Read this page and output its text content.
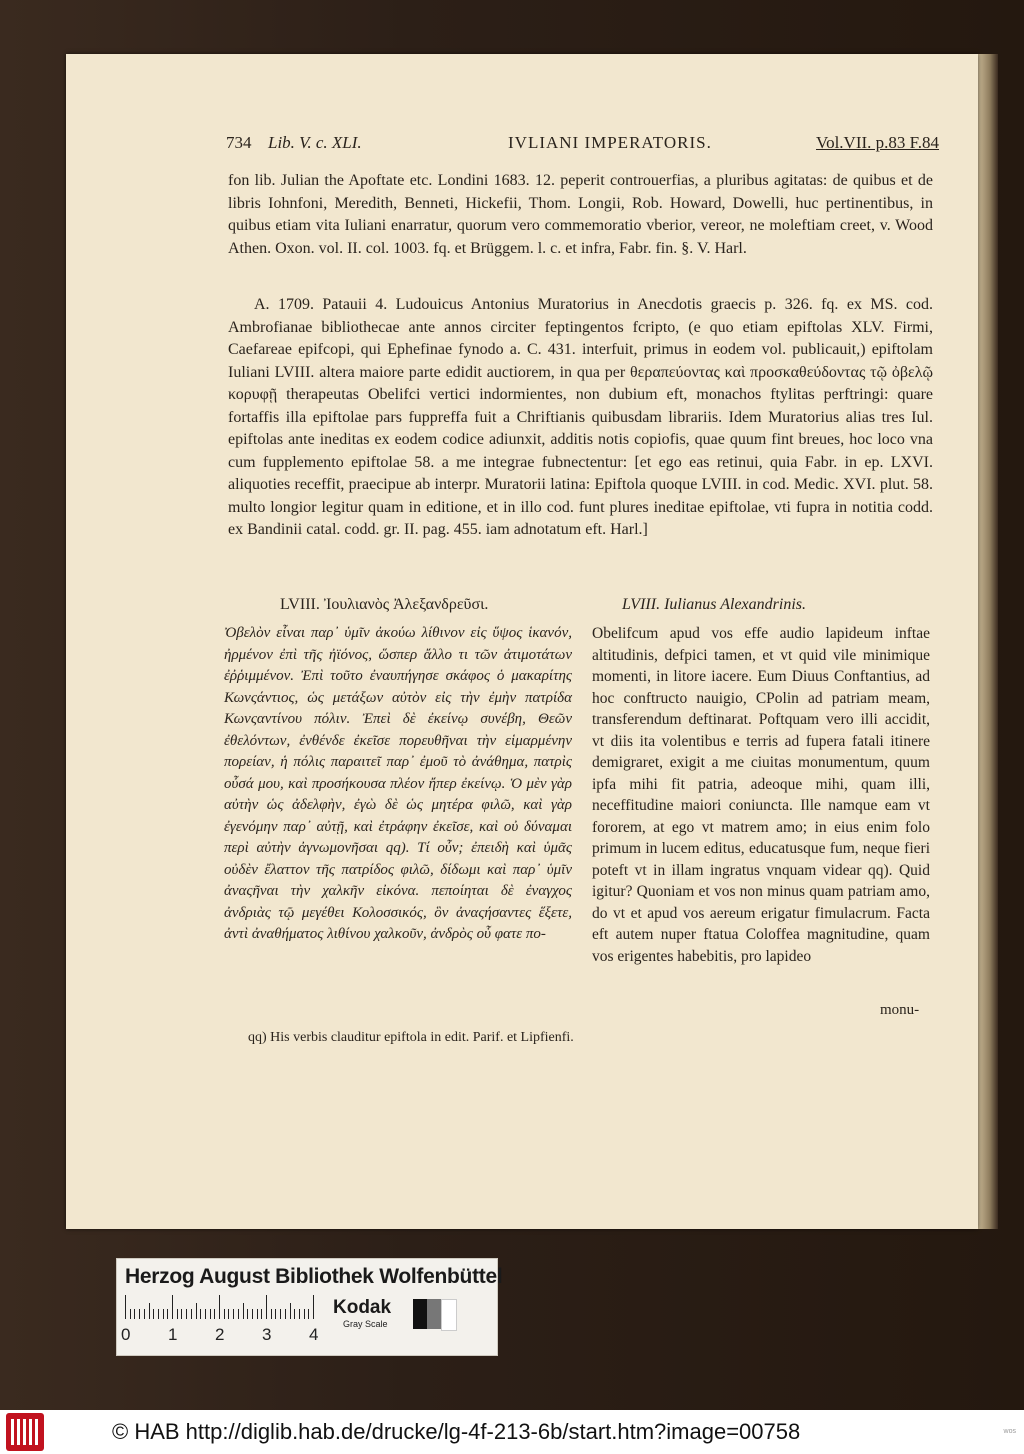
734 Lib. V. c. XLI.	IVLIANI IMPERATORIS.	Vol.VII. p.83 F.84
fon lib. Julian the Apoftate etc. Londini 1683. 12. peperit controuerfias, a pluribus agitatas: de quibus et de libris Iohnfoni, Meredith, Benneti, Hickefii, Thom. Longii, Rob. Howard, Dowelli, huc pertinentibus, in quibus etiam vita Iuliani enarratur, quorum vero commemoratio vberior, vereor, ne moleftiam creet, v. Wood Athen. Oxon. vol. II. col. 1003. fq. et Brüggem. l. c. et infra, Fabr. fin. §. V. Harl.
A. 1709. Patauii 4. Ludouicus Antonius Muratorius in Anecdotis graecis p. 326. fq. ex MS. cod. Ambrofianae bibliothecae ante annos circiter feptingentos fcripto, (e quo etiam epiftolas XLV. Firmi, Caefareae epifcopi, qui Ephefinae fynodo a. C. 431. interfuit, primus in eodem vol. publicauit,) epiftolam Iuliani LVIII. altera maiore parte edidit auctiorem, in qua per θεραπεύοντας καὶ προσκαθεύδοντας τῷ ὀβελῷ κορυφῇ therapeutas Obelifci vertici indormientes, non dubium eft, monachos ftylitas perftringi: quare fortaffis illa epiftolae pars fuppreffa fuit a Chriftianis quibusdam librariis. Idem Muratorius alias tres Iul. epiftolas ante ineditas ex eodem codice adiunxit, additis notis copiofis, quae quum fint breues, hoc loco vna cum fupplemento epiftolae 58. a me integrae fubnectentur: [et ego eas retinui, quia Fabr. in ep. LXVI. aliquoties receffit, praecipue ab interpr. Muratorii latina: Epiftola quoque LVIII. in cod. Medic. XVI. plut. 58. multo longior legitur quam in editione, et in illo cod. funt plures ineditae epiftolae, vti fupra in notitia codd. ex Bandinii catal. codd. gr. II. pag. 455. iam adnotatum eft. Harl.]
LVIII. Ἰουλιανὸς Ἀλεξανδρεῦσι.	LVIII. Iulianus Alexandrinis.
Ὀβελὸν εἶναι παρ᾽ ὑμῖν ἀκούω λίθινον εἰς ὕψος ἱκανόν, ἠρμένον ἐπὶ τῆς ἠϊόνος, ὥσπερ ἄλλο τι τῶν ἀτιμοτάτων ἐῤῥιμμένον. Ἐπὶ τοῦτο ἐναυπήγησε σκάφος ὁ μακαρίτης Κωνςάντιος, ὡς μετάξων αὐτὸν εἰς τὴν ἐμὴν πατρίδα Κωνςαντίνου πόλιν. Ἐπεὶ δὲ ἐκείνῳ συνέβη, Θεῶν ἐθελόντων, ἐνθένδε ἐκεῖσε πορευθῆναι τὴν εἱμαρμένην πορείαν, ἡ πόλις παραιτεῖ παρ᾽ ἐμοῦ τὸ ἀνάθημα, πατρὶς οὖσά μου, καὶ προσήκουσα πλέον ἤπερ ἐκείνῳ. Ὁ μὲν γὰρ αὐτὴν ὡς ἀδελφὴν, ἐγὼ δὲ ὡς μητέρα φιλῶ, καὶ γὰρ ἐγενόμην παρ᾽ αὐτῇ, καὶ ἐτράφην ἐκεῖσε, καὶ οὐ δύναμαι περὶ αὐτὴν ἀγνωμονῆσαι qq). Τί οὖν; ἐπειδὴ καὶ ὑμᾶς οὐδὲν ἔλαττον τῆς πατρίδος φιλῶ, δίδωμι καὶ παρ᾽ ὑμῖν ἀναςῆναι τὴν χαλκῆν εἰκόνα. πεποίηται δὲ ἐναγχος ἀνδριὰς τῷ μεγέθει Κολοσσικός, ὃν ἀναςήσαντες ἕξετε, ἀντὶ ἀναθήματος λιθίνου χαλκοῦν, ἀνδρὸς οὗ φατε πο-
Obelifcum apud vos effe audio lapideum inftae altitudinis, defpici tamen, et vt quid vile minimique momenti, in litore iacere. Eum Diuus Conftantius, ad hoc conftructo nauigio, CPolin ad patriam meam, transferendum deftinarat. Poftquam vero illi accidit, vt diis ita volentibus e terris ad fupera fatali itinere demigraret, exigit a me ciuitas monumentum, quum ipfa mihi fit patria, adeoque mihi, quam illi, neceffitudine maiori coniuncta. Ille namque eam vt fororem, at ego vt matrem amo; in eius enim folo primum in lucem editus, educatusque fum, neque fieri poteft vt in illam ingratus vnquam videar qq). Quid igitur? Quoniam et vos non minus quam patriam amo, do vt et apud vos aereum erigatur fimulacrum. Facta eft autem nuper ftatua Coloffea magnitudine, quam vos erigentes habebitis, pro lapideo
monu-
qq) His verbis clauditur epiftola in edit. Parif. et Lipfienfi.
Herzog August Bibliothek Wolfenbüttel
0 1 2 3 4
Kodak
Gray Scale
© HAB http://diglib.hab.de/drucke/lg-4f-213-6b/start.htm?image=00758	wos
